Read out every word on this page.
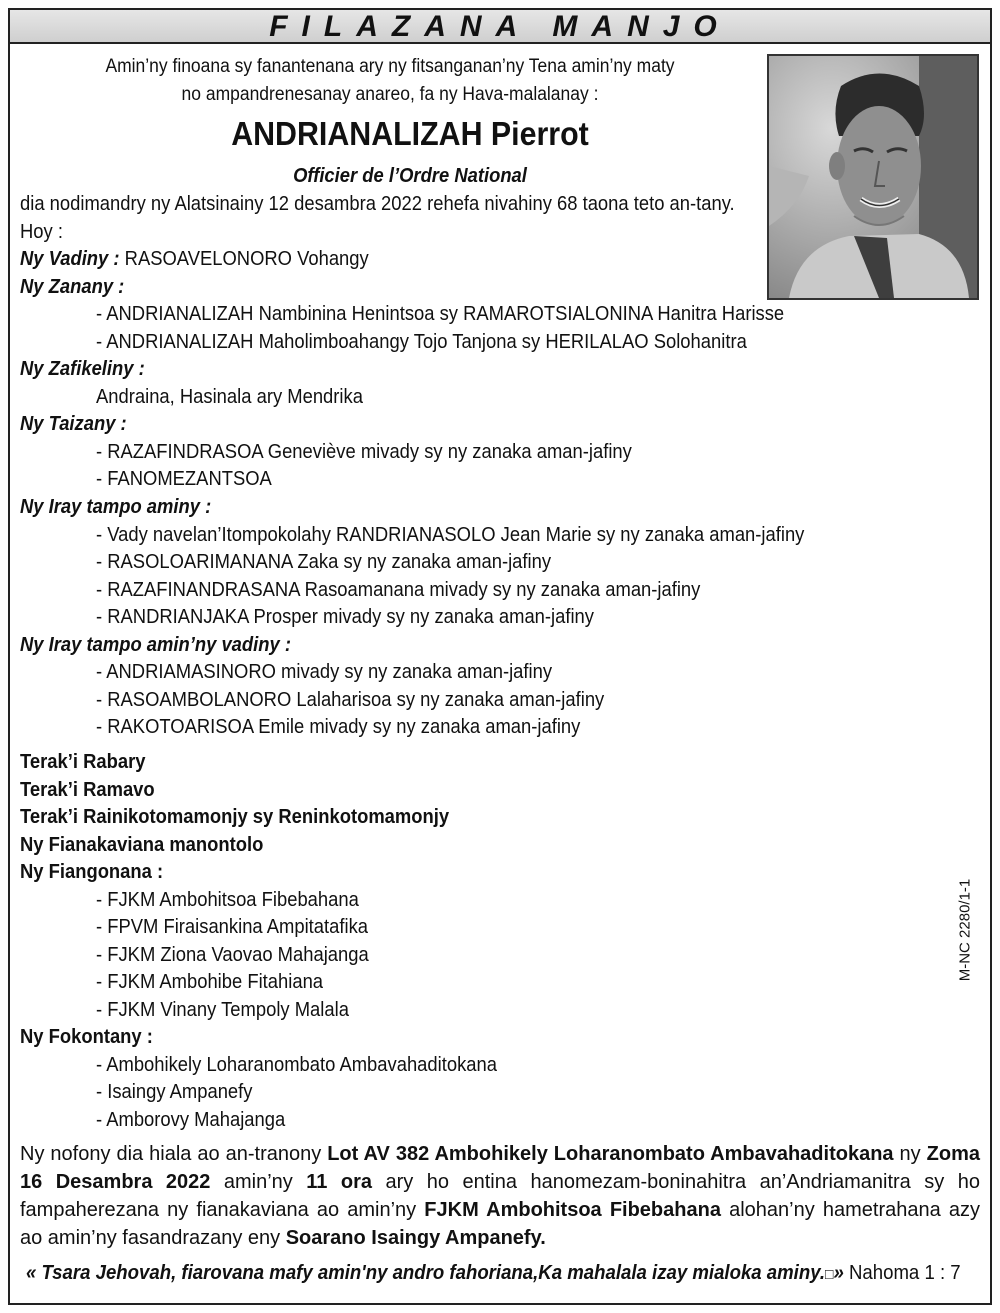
FILAZANA MANJO
Amin’ny finoana sy fanantenana ary ny fitsanganan’ny Tena amin’ny maty
no ampandrenesanay anareo, fa ny Hava-malalanay :
ANDRIANALIZAH Pierrot
Officier de l’Ordre National
dia nodimandry ny Alatsinainy 12 desambra 2022 rehefa nivahiny 68 taona teto an-tany.
Hoy :
Ny Vadiny : RASOAVELONORO Vohangy
Ny Zanany :
- ANDRIANALIZAH Nambinina Henintsoa sy RAMAROTSIALONINA Hanitra Harisse
- ANDRIANALIZAH Maholimboahangy Tojo Tanjona sy HERILALAO Solohanitra
Ny Zafikeliny :
Andraina, Hasinala ary Mendrika
Ny Taizany :
- RAZAFINDRASOA Geneviève mivady sy ny zanaka aman-jafiny
- FANOMEZANTSOA
Ny Iray tampo aminy :
- Vady navelan’Itompokolahy RANDRIANASOLO Jean Marie sy ny zanaka aman-jafiny
- RASOLOARIMANANA Zaka sy ny zanaka aman-jafiny
- RAZAFINANDRASANA Rasoamanana mivady sy ny zanaka aman-jafiny
- RANDRIANJAKA Prosper mivady sy ny zanaka aman-jafiny
Ny Iray tampo amin’ny vadiny :
- ANDRIAMASINORO mivady sy ny zanaka aman-jafiny
- RASOAMBOLANORO Lalaharisoa sy ny zanaka aman-jafiny
- RAKOTOARISOA Emile mivady sy ny zanaka aman-jafiny
Terak’i Rabary
Terak’i Ramavo
Terak’i Rainikotomamonjy sy Reninkotomamonjy
Ny Fianakaviana manontolo
Ny Fiangonana :
- FJKM Ambohitsoa Fibebahana
- FPVM Firaisankina Ampitatafika
- FJKM Ziona Vaovao Mahajanga
- FJKM Ambohibe Fitahiana
- FJKM Vinany Tempoly Malala
Ny Fokontany :
- Ambohikely Loharanombato Ambavahaditokana
- Isaingy Ampanefy
- Amborovy Mahajanga
M-NC 2280/1-1
Ny nofony dia hiala ao an-tranony Lot AV 382 Ambohikely Loharanombato Ambavahaditokana ny Zoma 16 Desambra 2022 amin’ny 11 ora ary ho entina hanomezam-boninahitra an’Andriamanitra sy ho fampaherezana ny fianakaviana ao amin’ny FJKM Ambohitsoa Fibebahana alohan’ny hametrahana azy ao amin’ny fasandrazany eny Soarano Isaingy Ampanefy.
« Tsara Jehovah, fiarovana mafy amin'ny andro fahoriana,Ka mahalala izay mialoka aminy.□» Nahoma 1 : 7
